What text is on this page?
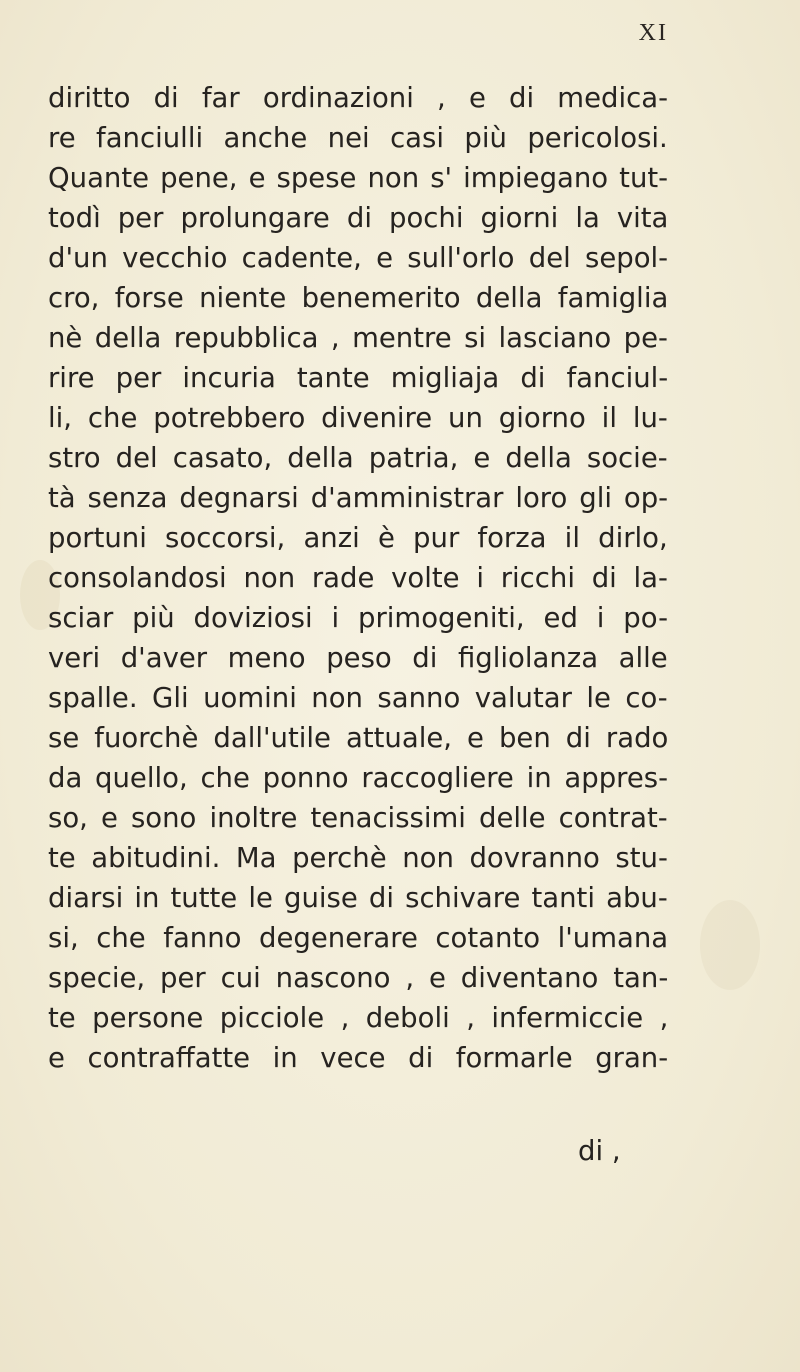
XI
diritto di far ordinazioni , e di medica-
re fanciulli anche nei casi più pericolosi.
Quante pene, e spese non s' impiegano tut-
todì per prolungare di pochi giorni la vita
d'un vecchio cadente, e sull'orlo del sepol-
cro, forse niente benemerito della famiglia
nè della repubblica , mentre si lasciano pe-
rire per incuria tante migliaja di fanciul-
li, che potrebbero divenire un giorno il lu-
stro del casato, della patria, e della socie-
tà senza degnarsi d'amministrar loro gli op-
portuni soccorsi, anzi è pur forza il dirlo,
consolandosi non rade volte i ricchi di la-
sciar più doviziosi i primogeniti, ed i po-
veri d'aver meno peso di figliolanza alle
spalle. Gli uomini non sanno valutar le co-
se fuorchè dall'utile attuale, e ben di rado
da quello, che ponno raccogliere in appres-
so, e sono inoltre tenacissimi delle contrat-
te abitudini. Ma perchè non dovranno stu-
diarsi in tutte le guise di schivare tanti abu-
si, che fanno degenerare cotanto l'umana
specie, per cui nascono , e diventano tan-
te persone picciole , deboli , infermiccie ,
e contraffatte in vece di formarle gran-
di ,
